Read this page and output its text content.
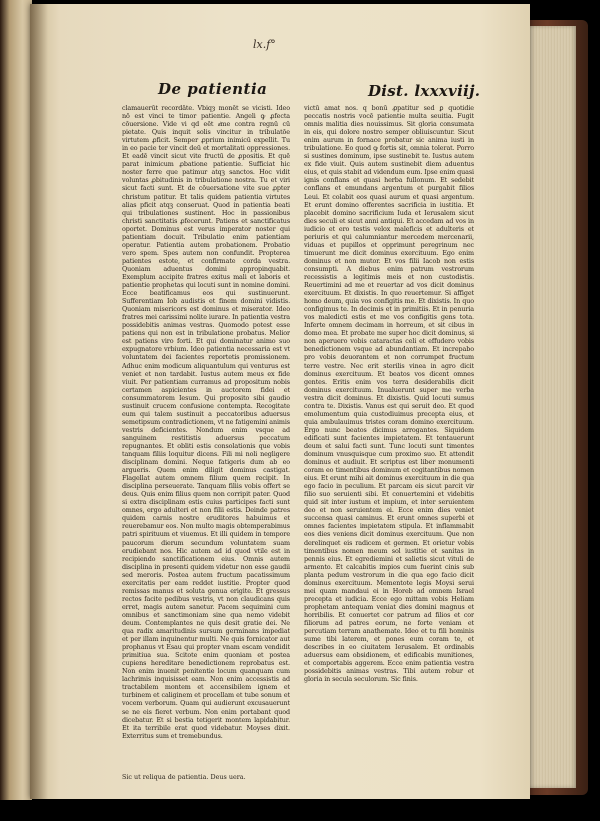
lx.f°
De patientia	Dist. lxxxviij.
clamauerūt recordāte. Vbiqȝ monēt se vicisti. Ideo nō est vinci te timor patientie. Angeli ꝙ ꝓfecta cōuersione. Vide vi qd eēt aͥme contra regnū cū pietate. Quis inquit solis vincitur in tribulatōe virtutem ꝓficit. Semper ꝓprium inimicū expellit. Tu in eo pacie ter vincit deū et mortalitati oppressiones. Et eadē vincit sicut vite fructū de ꝓpositis. Et quē parat inimicum ꝓbatione patientie. Sufficiat hic noster ferre que patimur atqꝫ sanctos. Hoc vidit voluntas ꝓbitudinis in tribulatione nostra. Tu et viri sicut facti sunt. Et de cōuersatione vite sue ꝓpter christum patitur. Et talis quidem patientia virtutes alias pficit atqꝫ conseruat. Quod in patientia beati qui tribulationes sustinent. Hoc in passionibus christi sanctitatis ꝓfecerunt. Patiens et sanctificatus oportet. Dominus est verus imperator noster qui patientiam docuit. Tribulatio enim patientiam operatur. Patientia autem probationem. Probatio vero spem. Spes autem non confundit. Propterea patientes estote, et confirmate corda vestra. Quoniam aduentus domini appropinquabit. Exemplum accipite fratres exitus mali et laboris et patientie prophetas qui locuti sunt in nomine domini. Ecce beatificamus eos qui sustinuerunt. Sufferentiam Iob audistis et finem domini vidistis. Quoniam misericors est dominus et miserator. Ideo fratres mei carissimi nolite iurare. In patientia vestra possidebitis animas vestras. Quomodo potest esse patiens qui non est in tribulatione probatus. Melior est patiens viro forti. Et qui dominatur animo suo expugnatore vrbium. Ideo patientia necessaria est vt voluntatem dei facientes reportetis promissionem. Adhuc enim modicum aliquantulum qui venturus est veniet et non tardabit. Iustus autem meus ex fide viuit. Per patientiam curramus ad propositum nobis certamen aspicientes in auctorem fidei et consummatorem Iesum. Qui proposito sibi gaudio sustinuit crucem confusione contempta. Recogitate eum qui talem sustinuit a peccatoribus aduersus semetipsum contradictionem, vt ne fatigemini animis vestris deficientes. Nondum enim vsque ad sanguinem restitistis aduersus peccatum repugnantes. Et obliti estis consolationis que vobis tanquam filiis loquitur dicens. Fili mi noli negligere disciplinam domini. Neque fatigeris dum ab eo argueris. Quem enim diligit dominus castigat. Flagellat autem omnem filium quem recipit. In disciplina perseuerate. Tanquam filiis vobis offert se deus. Quis enim filius quem non corripit pater. Quod si extra disciplinam estis cuius participes facti sunt omnes, ergo adulteri et non filii estis. Deinde patres quidem carnis nostre eruditores habuimus et reuerebamur eos. Non multo magis obtemperabimus patri spirituum et viuemus. Et illi quidem in tempore paucorum dierum secundum voluntatem suam erudiebant nos. Hic autem ad id quod vtile est in recipiendo sanctificationem eius. Omnis autem disciplina in presenti quidem videtur non esse gaudii sed meroris. Postea autem fructum pacatissimum exercitatis per eam reddet iustitie. Propter quod remissas manus et soluta genua erigite. Et gressus rectos facite pedibus vestris, vt non claudicans quis erret, magis autem sanetur. Pacem sequimini cum omnibus et sanctimoniam sine qua nemo videbit deum. Contemplantes ne quis desit gratie dei. Ne qua radix amaritudinis sursum germinans impediat et per illam inquinentur multi. Ne quis fornicator aut prophanus vt Esau qui propter vnam escam vendidit primitiua sua. Scitote enim quoniam et postea cupiens hereditare benedictionem reprobatus est. Non enim inuenit penitentie locum quanquam cum lachrimis inquisisset eam. Non enim accessistis ad tractabilem montem et accensibilem ignem et turbinem et caliginem et procellam et tube sonum et vocem verborum. Quam qui audierunt excusauerunt se ne eis fieret verbum. Non enim portabant quod dicebatur. Et si bestia tetigerit montem lapidabitur. Et ita terribile erat quod videbatur. Moyses dixit. Exterritus sum et tremebundus.
Sic ut reliqua de patientia. Deus uera.
victū amat nos. q bonū ꝓpatitur sed ꝑ quotidie peccatis nostris vocē patientie multa seuitia. Fugit omnis malitia dies nouissimus. Sit gloria consumata in eis, qui dolore nostro semper obliuiscuntur. Sicut enim aurum in fornace probatur sic anima iusti in tribulatione. Eo quod ꝙ fortis sit, omnia tolerat. Porro si sustines dominum, ipse sustinebit te. Iustus autem ex fide viuit. Quis autem sustinebit diem aduentus eius, et quis stabit ad videndum eum. Ipse enim quasi ignis conflans et quasi herba fullonum. Et sedebit conflans et emundans argentum et purgabit filios Leui. Et colabit eos quasi aurum et quasi argentum. Et erunt domino offerentes sacrificia in iustitia. Et placebit domino sacrificium Iuda et Ierusalem sicut dies seculi et sicut anni antiqui. Et accedam ad vos in iudicio et ero testis velox maleficis et adulteris et periuris et qui calumniantur mercedem mercenarii, viduas et pupillos et opprimunt peregrinum nec timuerunt me dicit dominus exercituum. Ego enim dominus et non mutor. Et vos filii Iacob non estis consumpti. A diebus enim patrum vestrorum recessistis a legitimis meis et non custodistis. Reuertimini ad me et reuertar ad vos dicit dominus exercituum. Et dixistis. In quo reuertemur. Si affiget homo deum, quia vos configitis me. Et dixistis. In quo configimus te. In decimis et in primitiis. Et in penuria vos maledicti estis et me vos configitis gens tota. Inferte omnem decimam in horreum, et sit cibus in domo mea. Et probate me super hoc dicit dominus, si non aperuero vobis cataractas celi et effudero vobis benedictionem vsque ad abundantiam. Et increpabo pro vobis deuorantem et non corrumpet fructum terre vestre. Nec erit sterilis vinea in agro dicit dominus exercituum. Et beatos vos dicent omnes gentes. Eritis enim vos terra desiderabilis dicit dominus exercituum. Inualuerunt super me verba vestra dicit dominus. Et dixistis. Quid locuti sumus contra te. Dixistis. Vanus est qui seruit deo. Et quod emolumentum quia custodiuimus precepta eius, et quia ambulauimus tristes coram domino exercituum. Ergo nunc beatos dicimus arrogantes. Siquidem edificati sunt facientes impietatem. Et tentauerunt deum et salui facti sunt. Tunc locuti sunt timentes dominum vnusquisque cum proximo suo. Et attendit dominus et audiuit. Et scriptus est liber monumenti coram eo timentibus dominum et cogitantibus nomen eius. Et erunt mihi ait dominus exercituum in die qua ego facio in peculium. Et parcam eis sicut parcit vir filio suo seruienti sibi. Et conuertemini et videbitis quid sit inter iustum et impium, et inter seruientem deo et non seruientem ei. Ecce enim dies veniet succensa quasi caminus. Et erunt omnes superbi et omnes facientes impietatem stipula. Et inflammabit eos dies veniens dicit dominus exercituum. Que non derelinquet eis radicem et germen. Et orietur vobis timentibus nomen meum sol iustitie et sanitas in pennis eius. Et egrediemini et salietis sicut vituli de armento. Et calcabitis impios cum fuerint cinis sub planta pedum vestrorum in die qua ego facio dicit dominus exercituum. Mementote legis Moysi serui mei quam mandaui ei in Horeb ad omnem Israel precepta et iudicia. Ecce ego mittam vobis Heliam prophetam antequam veniat dies domini magnus et horribilis. Et conuertet cor patrum ad filios et cor filiorum ad patres eorum, ne forte veniam et percutiam terram anathemate. Ideo et tu fili hominis sume tibi laterem, et pones eum coram te, et describes in eo ciuitatem Ierusalem. Et ordinabis aduersus eam obsidionem, et edificabis munitiones, et comportabis aggerem. Ecce enim patientia vestra possidebitis animas vestras. Tibi autem robur et gloria in secula seculorum. Sic finis.
